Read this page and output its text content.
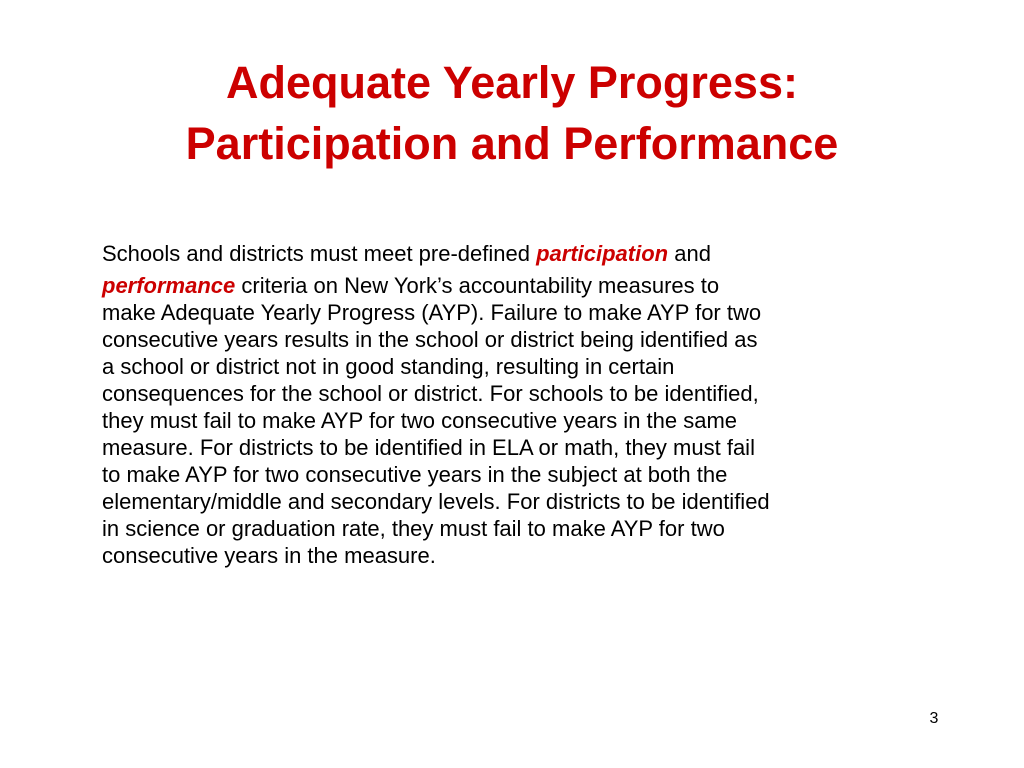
Adequate Yearly Progress:
Participation and Performance
Schools and districts must meet pre-defined participation and
performance criteria on New York’s accountability measures to
make Adequate Yearly Progress (AYP). Failure to make AYP for two
consecutive years results in the school or district being identified as
a school or district not in good standing, resulting in certain
consequences for the school or district. For schools to be identified,
they must fail to make AYP for two consecutive years in the same
measure. For districts to be identified in ELA or math, they must fail
to make AYP for two consecutive years in the subject at both the
elementary/middle and secondary levels. For districts to be identified
in science or graduation rate, they must fail to make AYP for two
consecutive years in the measure.
3
